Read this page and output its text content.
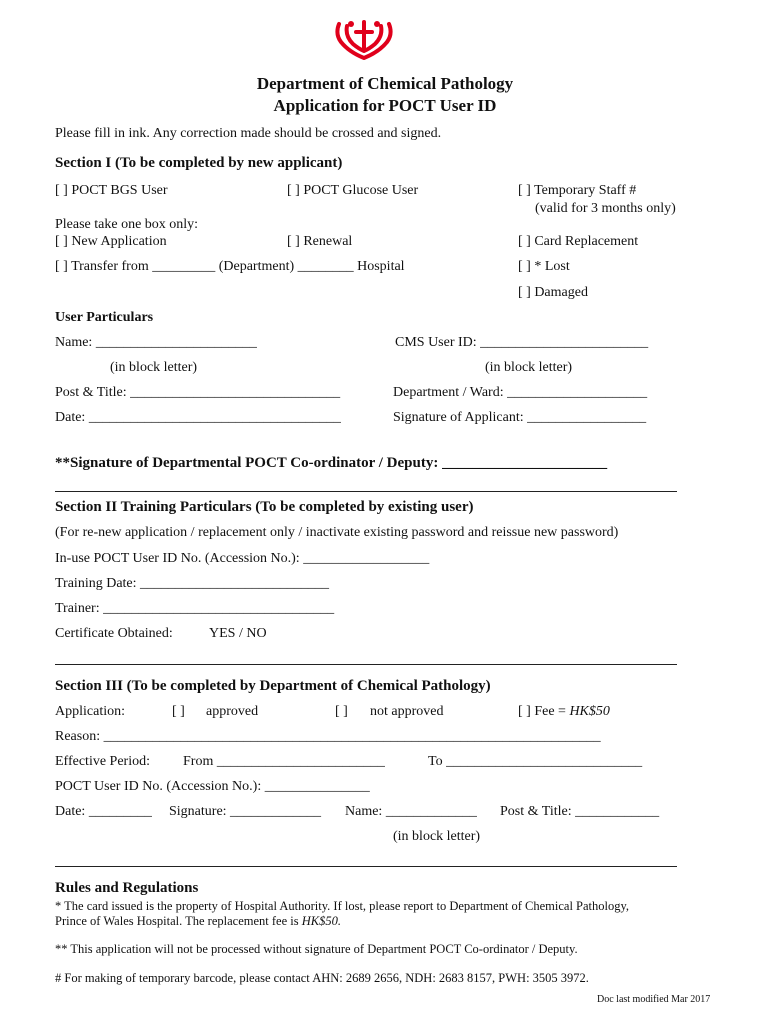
Department of Chemical Pathology
Application for POCT User ID
Please fill in ink. Any correction made should be crossed and signed.
Section I (To be completed by new applicant)
[ ] POCT BGS User	[ ] POCT Glucose User	[ ] Temporary Staff #
(valid for 3 months only)
Please take one box only:
[ ] New Application	[ ] Renewal	[ ] Card Replacement
[ ] Transfer from _________ (Department) ________ Hospital	[ ] * Lost
[ ] Damaged
User Particulars
Name: _______________________	CMS User ID: ________________________
(in block letter)	(in block letter)
Post & Title: ______________________________	Department / Ward: ____________________
Date: ____________________________________	Signature of Applicant: _________________
**Signature of Departmental POCT Co-ordinator / Deputy: ______________________
Section II Training Particulars (To be completed by existing user)
(For re-new application / replacement only / inactivate existing password and reissue new password)
In-use POCT User ID No. (Accession No.): __________________
Training Date: ___________________________
Trainer: _________________________________
Certificate Obtained:	YES / NO
Section III (To be completed by Department of Chemical Pathology)
Application:	[ ] approved	[ ] not approved	[ ] Fee = HK$50
Reason: _______________________________________________________________________
Effective Period: From ________________________	To ____________________________
POCT User ID No. (Accession No.): _______________
Date: _________ Signature: _____________ Name: _____________ Post & Title: ____________
(in block letter)
Rules and Regulations
* The card issued is the property of Hospital Authority. If lost, please report to Department of Chemical Pathology,
Prince of Wales Hospital. The replacement fee is HK$50.
** This application will not be processed without signature of Department POCT Co-ordinator / Deputy.
# For making of temporary barcode, please contact AHN: 2689 2656, NDH: 2683 8157, PWH: 3505 3972.
Doc last modified Mar 2017
